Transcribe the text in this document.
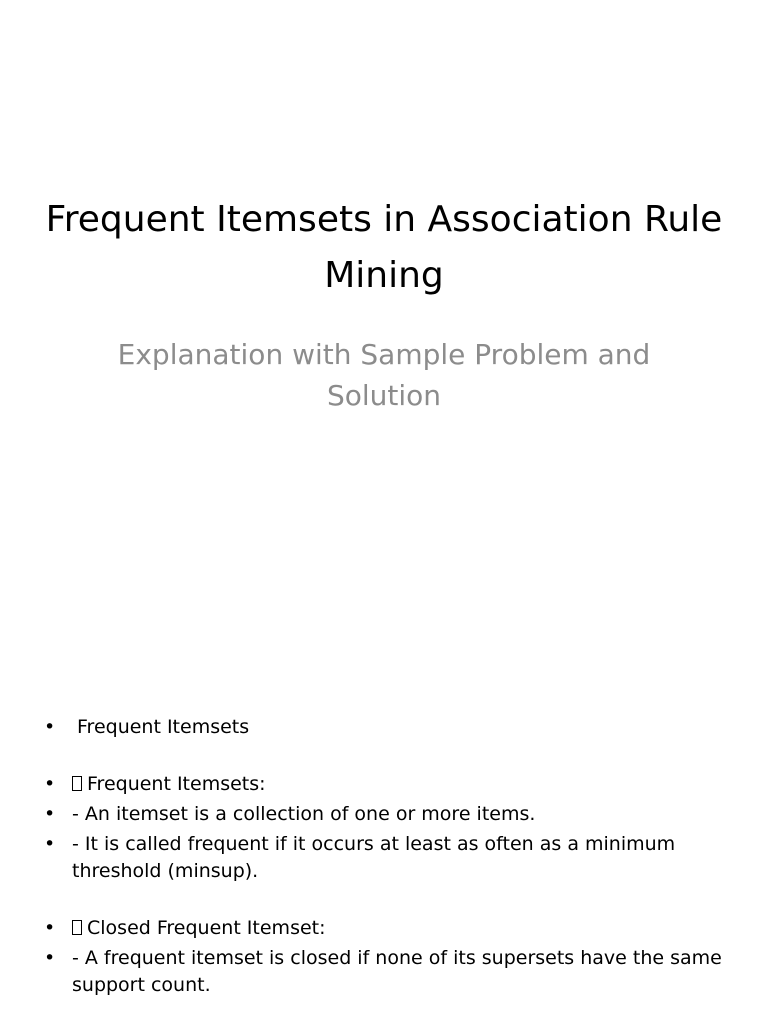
Frequent Itemsets in Association Rule Mining

Explanation with Sample Problem and Solution

• Frequent Itemsets
• Frequent Itemsets:
• - An itemset is a collection of one or more items.
• - It is called frequent if it occurs at least as often as a minimum threshold (minsup).
• Closed Frequent Itemset:
• - A frequent itemset is closed if none of its supersets have the same support count.
